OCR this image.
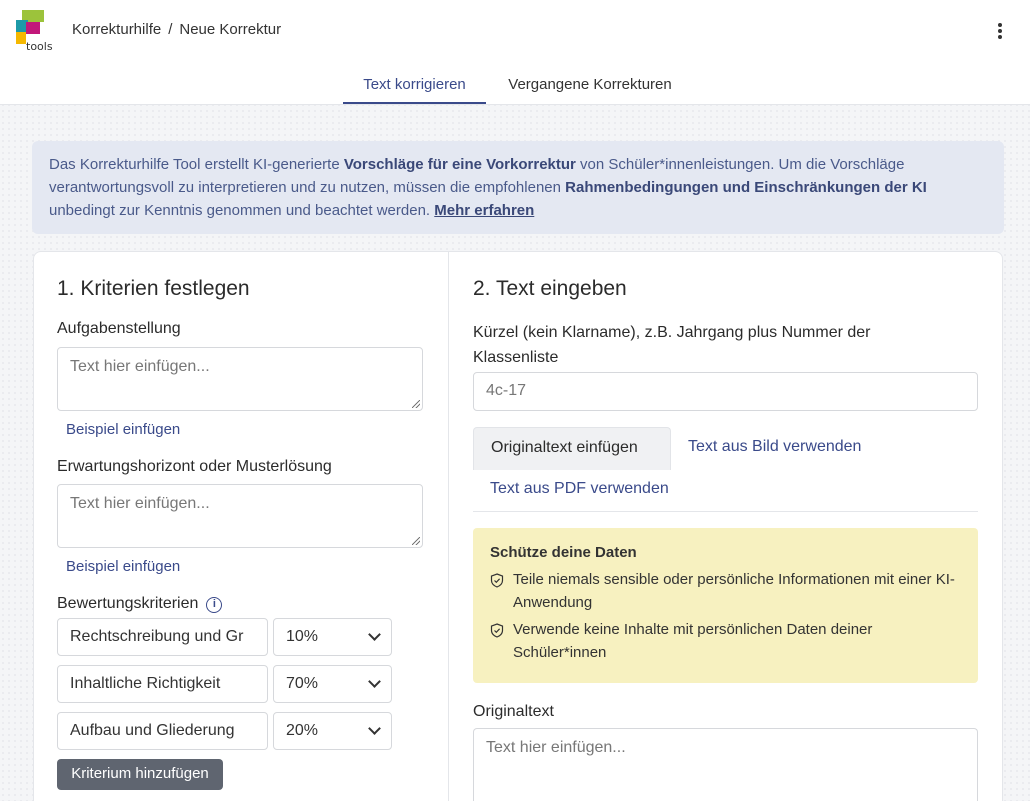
tools
Korrekturhilfe / Neue Korrektur
Text korrigieren	Vergangene Korrekturen
Das Korrekturhilfe Tool erstellt KI-generierte Vorschläge für eine Vorkorrektur von Schüler*innenleistungen. Um die Vorschläge verantwortungsvoll zu interpretieren und zu nutzen, müssen die empfohlenen Rahmenbedingungen und Einschränkungen der KI unbedingt zur Kenntnis genommen und beachtet werden. Mehr erfahren
1. Kriterien festlegen
Aufgabenstellung
Text hier einfügen...
Beispiel einfügen
Erwartungshorizont oder Musterlösung
Text hier einfügen...
Beispiel einfügen
Bewertungskriterien i
Rechtschreibung und Gr	10%
Inhaltliche Richtigkeit	70%
Aufbau und Gliederung	20%
Kriterium hinzufügen
2. Text eingeben
Kürzel (kein Klarname), z.B. Jahrgang plus Nummer der Klassenliste
4c-17
Originaltext einfügen	Text aus Bild verwenden
Text aus PDF verwenden
Schütze deine Daten
Teile niemals sensible oder persönliche Informationen mit einer KI-Anwendung
Verwende keine Inhalte mit persönlichen Daten deiner Schüler*innen
Originaltext
Text hier einfügen...
